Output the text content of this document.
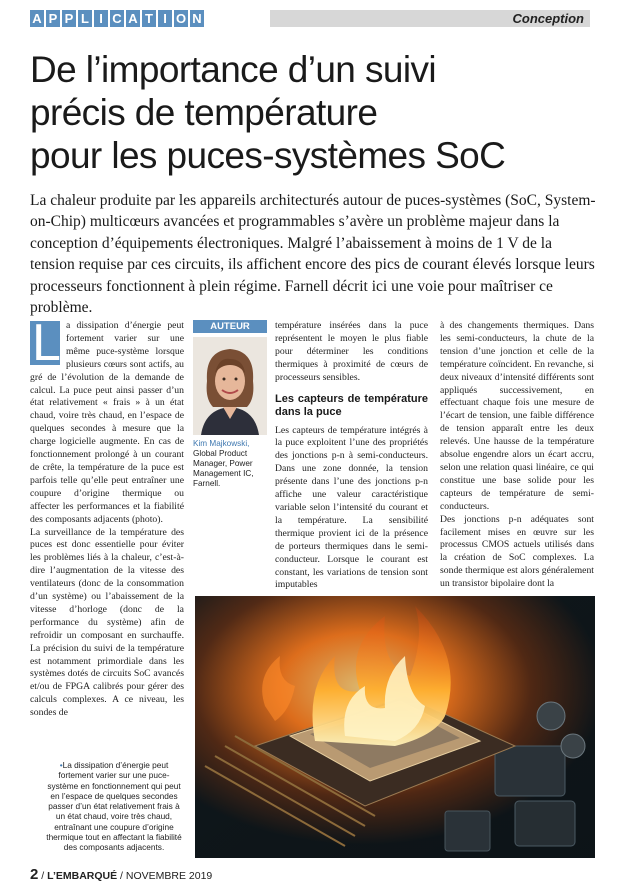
A P P L I C A T I O N	Conception
De l’importance d’un suivi
précis de température
pour les puces-systèmes SoC

La chaleur produite par les appareils architecturés autour de puces-systèmes (SoC, System-on-Chip) multicœurs avancées et programmables s’avère un problème majeur dans la conception d’équipements électroniques. Malgré l’abaissement à moins de 1 V de la tension requise par ces circuits, ils affichent encore des pics de courant élevés lorsque leurs processeurs fonctionnent à plein régime. Farnell décrit ici une voie pour maîtriser ce problème.

L a dissipation d’énergie peut fortement varier sur une même puce-système lorsque plusieurs cœurs sont actifs, au gré de l’évolution de la demande de calcul. La puce peut ainsi passer d’un état relativement « frais » à un état chaud, voire très chaud, en l’espace de quelques secondes à mesure que la charge logicielle augmente. En cas de fonctionnement prolongé à un courant de crête, la température de la puce est parfois telle qu’elle peut entraîner une coupure d’origine thermique ou affecter les performances et la fiabilité des composants adjacents (photo).

La surveillance de la température des puces est donc essentielle pour éviter les problèmes liés à la chaleur, c’est-à-dire l’augmentation de la vitesse des ventilateurs (donc de la consommation d’un système) ou l’abaissement de la vitesse d’horloge (donc de la performance du système) afin de refroidir un composant en surchauffe. La précision du suivi de la température est notamment primordiale dans les systèmes dotés de circuits SoC avancés et/ou de FPGA calibrés pour gérer des calculs complexes. A ce niveau, les sondes de

AUTEUR
Kim Majkowski, Global Product Manager, Power Management IC, Farnell.

température insérées dans la puce représentent le moyen le plus fiable pour déterminer les conditions thermiques à proximité de cœurs de processeurs sensibles.

Les capteurs de température dans la puce

Les capteurs de température intégrés à la puce exploitent l’une des propriétés des jonctions p-n à semi-conducteurs. Dans une zone donnée, la tension présente dans l’une des jonctions p-n affiche une valeur caractéristique variable selon l’intensité du courant et la température. La sensibilité thermique provient ici de la présence de porteurs thermiques dans le semi-conducteur. Lorsque le courant est constant, les variations de tension sont imputables

à des changements thermiques. Dans les semi-conducteurs, la chute de la tension d’une jonction et celle de la température coïncident. En revanche, si deux niveaux d’intensité différents sont appliqués successivement, en effectuant chaque fois une mesure de l’écart de tension, une faible différence de tension apparaît entre les deux relevés. Une hausse de la température absolue engendre alors un écart accru, selon une relation quasi linéaire, ce qui constitue une base solide pour les capteurs de température de semi-conducteurs.

Des jonctions p-n adéquates sont facilement mises en œuvre sur les processus CMOS actuels utilisés dans la création de SoC complexes. La sonde thermique est alors généralement un transistor bipolaire dont la

•La dissipation d’énergie peut fortement varier sur une puce-système en fonctionnement qui peut en l’espace de quelques secondes passer d’un état relativement frais à un état chaud, voire très chaud, entraînant une coupure d’origine thermique tout en affectant la fiabilité des composants adjacents.
2 / L’EMBARQUÉ / NOVEMBRE 2019
